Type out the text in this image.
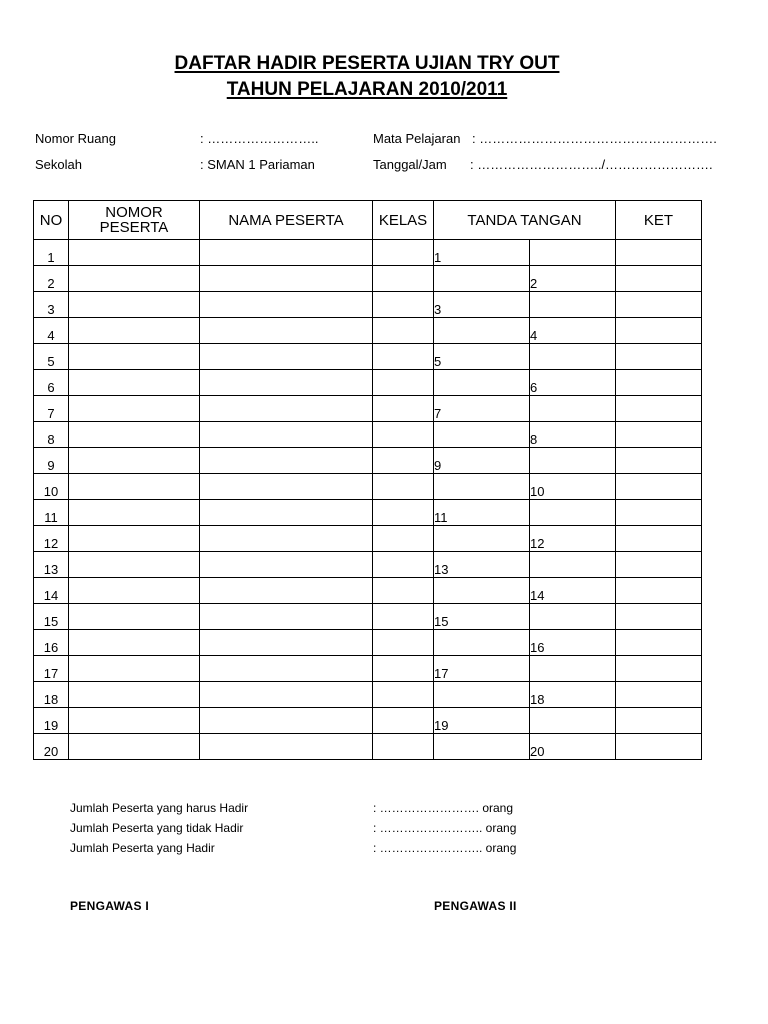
DAFTAR HADIR PESERTA UJIAN TRY OUT
TAHUN PELAJARAN 2010/2011
Nomor Ruang	: ……………………..	Mata Pelajaran : ……………………………………………….
Sekolah	: SMAN 1 Pariaman	Tanggal/Jam : ………………………../…………………….
NO	NOMOR PESERTA	NAMA PESERTA	KELAS	TANDA TANGAN		KET
1				1		
2					2	
3				3		
4					4	
5				5		
6					6	
7				7		
8					8	
9				9		
10					10	
11				11		
12					12	
13				13		
14					14	
15				15		
16					16	
17				17		
18					18	
19				19		
20					20	
Jumlah Peserta yang harus Hadir	: ……………………. orang
Jumlah Peserta yang tidak Hadir	: …………………….. orang
Jumlah Peserta yang Hadir	: …………………….. orang
PENGAWAS I	PENGAWAS II
